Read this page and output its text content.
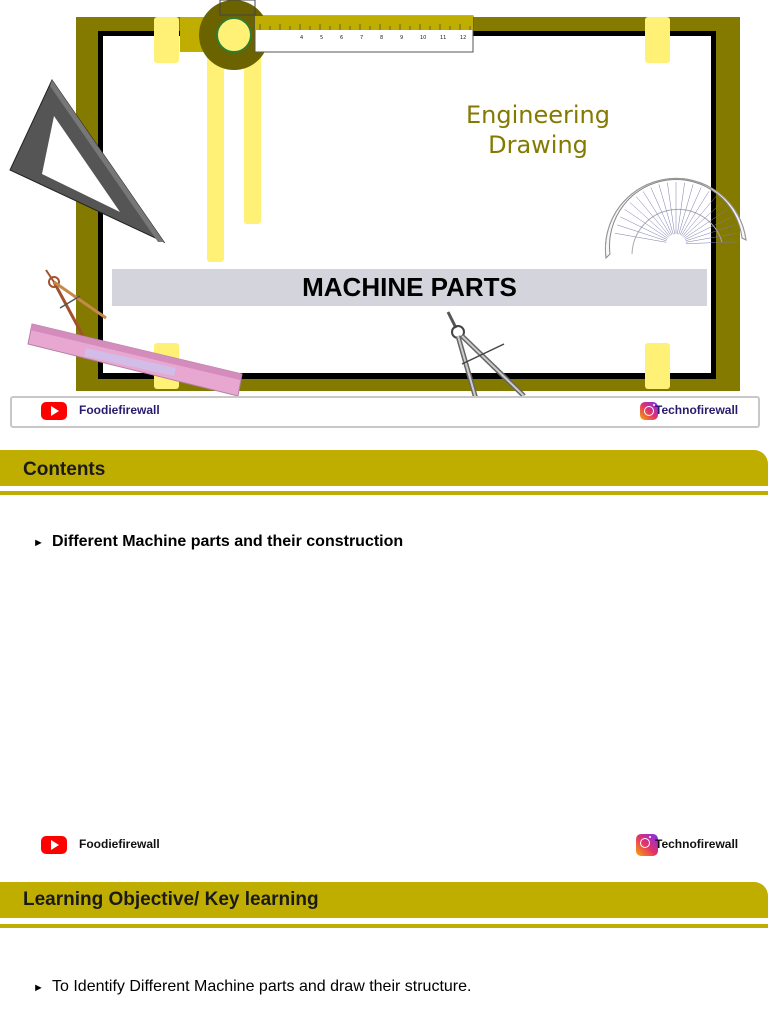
4	5	6	7	8	9	10	11	12
Engineering
Drawing
MACHINE PARTS
Foodiefirewall	Technofirewall
Contents
► Different Machine parts and their construction
Foodiefirewall	Technofirewall
Learning Objective/ Key learning
► To Identify Different Machine parts and draw their structure.
